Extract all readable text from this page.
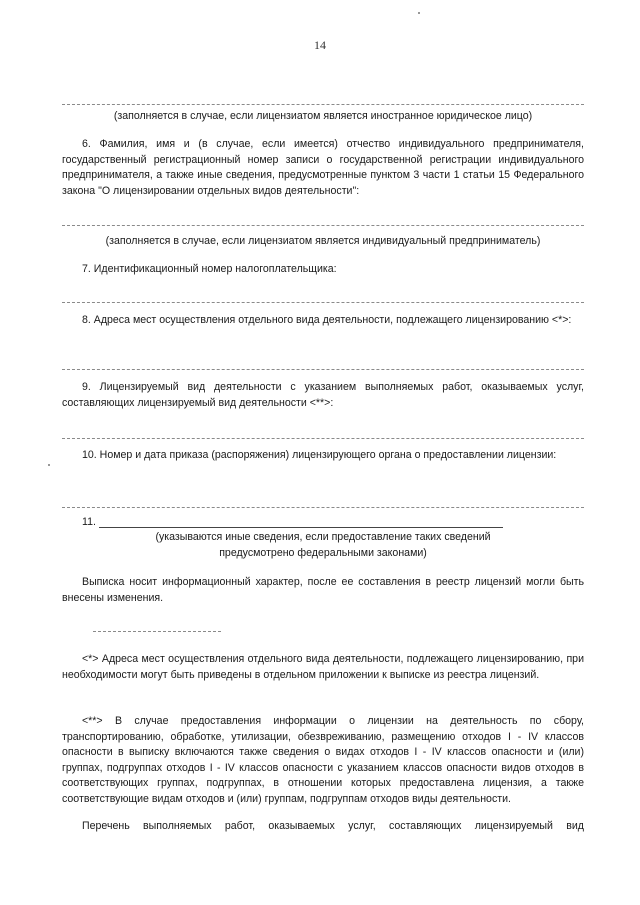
14
(заполняется в случае, если лицензиатом является иностранное юридическое лицо)
6. Фамилия, имя и (в случае, если имеется) отчество индивидуального предпринимателя, государственный регистрационный номер записи о государственной регистрации индивидуального предпринимателя, а также иные сведения, предусмотренные пунктом 3 части 1 статьи 15 Федерального закона "О лицензировании отдельных видов деятельности":
(заполняется в случае, если лицензиатом является индивидуальный предприниматель)
7. Идентификационный номер налогоплательщика:
8. Адреса мест осуществления отдельного вида деятельности, подлежащего лицензированию <*>:
9. Лицензируемый вид деятельности с указанием выполняемых работ, оказываемых услуг, составляющих лицензируемый вид деятельности <**>:
10. Номер и дата приказа (распоряжения) лицензирующего органа о предоставлении лицензии:
11.
(указываются иные сведения, если предоставление таких сведений
предусмотрено федеральными законами)
Выписка носит информационный характер, после ее составления в реестр лицензий могли быть внесены изменения.
<*> Адреса мест осуществления отдельного вида деятельности, подлежащего лицензированию, при необходимости могут быть приведены в отдельном приложении к выписке из реестра лицензий.
<**> В случае предоставления информации о лицензии на деятельность по сбору, транспортированию, обработке, утилизации, обезвреживанию, размещению отходов I - IV классов опасности в выписку включаются также сведения о видах отходов I - IV классов опасности и (или) группах, подгруппах отходов I - IV классов опасности с указанием классов опасности видов отходов в соответствующих группах, подгруппах, в отношении которых предоставлена лицензия, а также соответствующие видам отходов и (или) группам, подгруппам отходов виды деятельности.
Перечень выполняемых работ, оказываемых услуг, составляющих лицензируемый вид
